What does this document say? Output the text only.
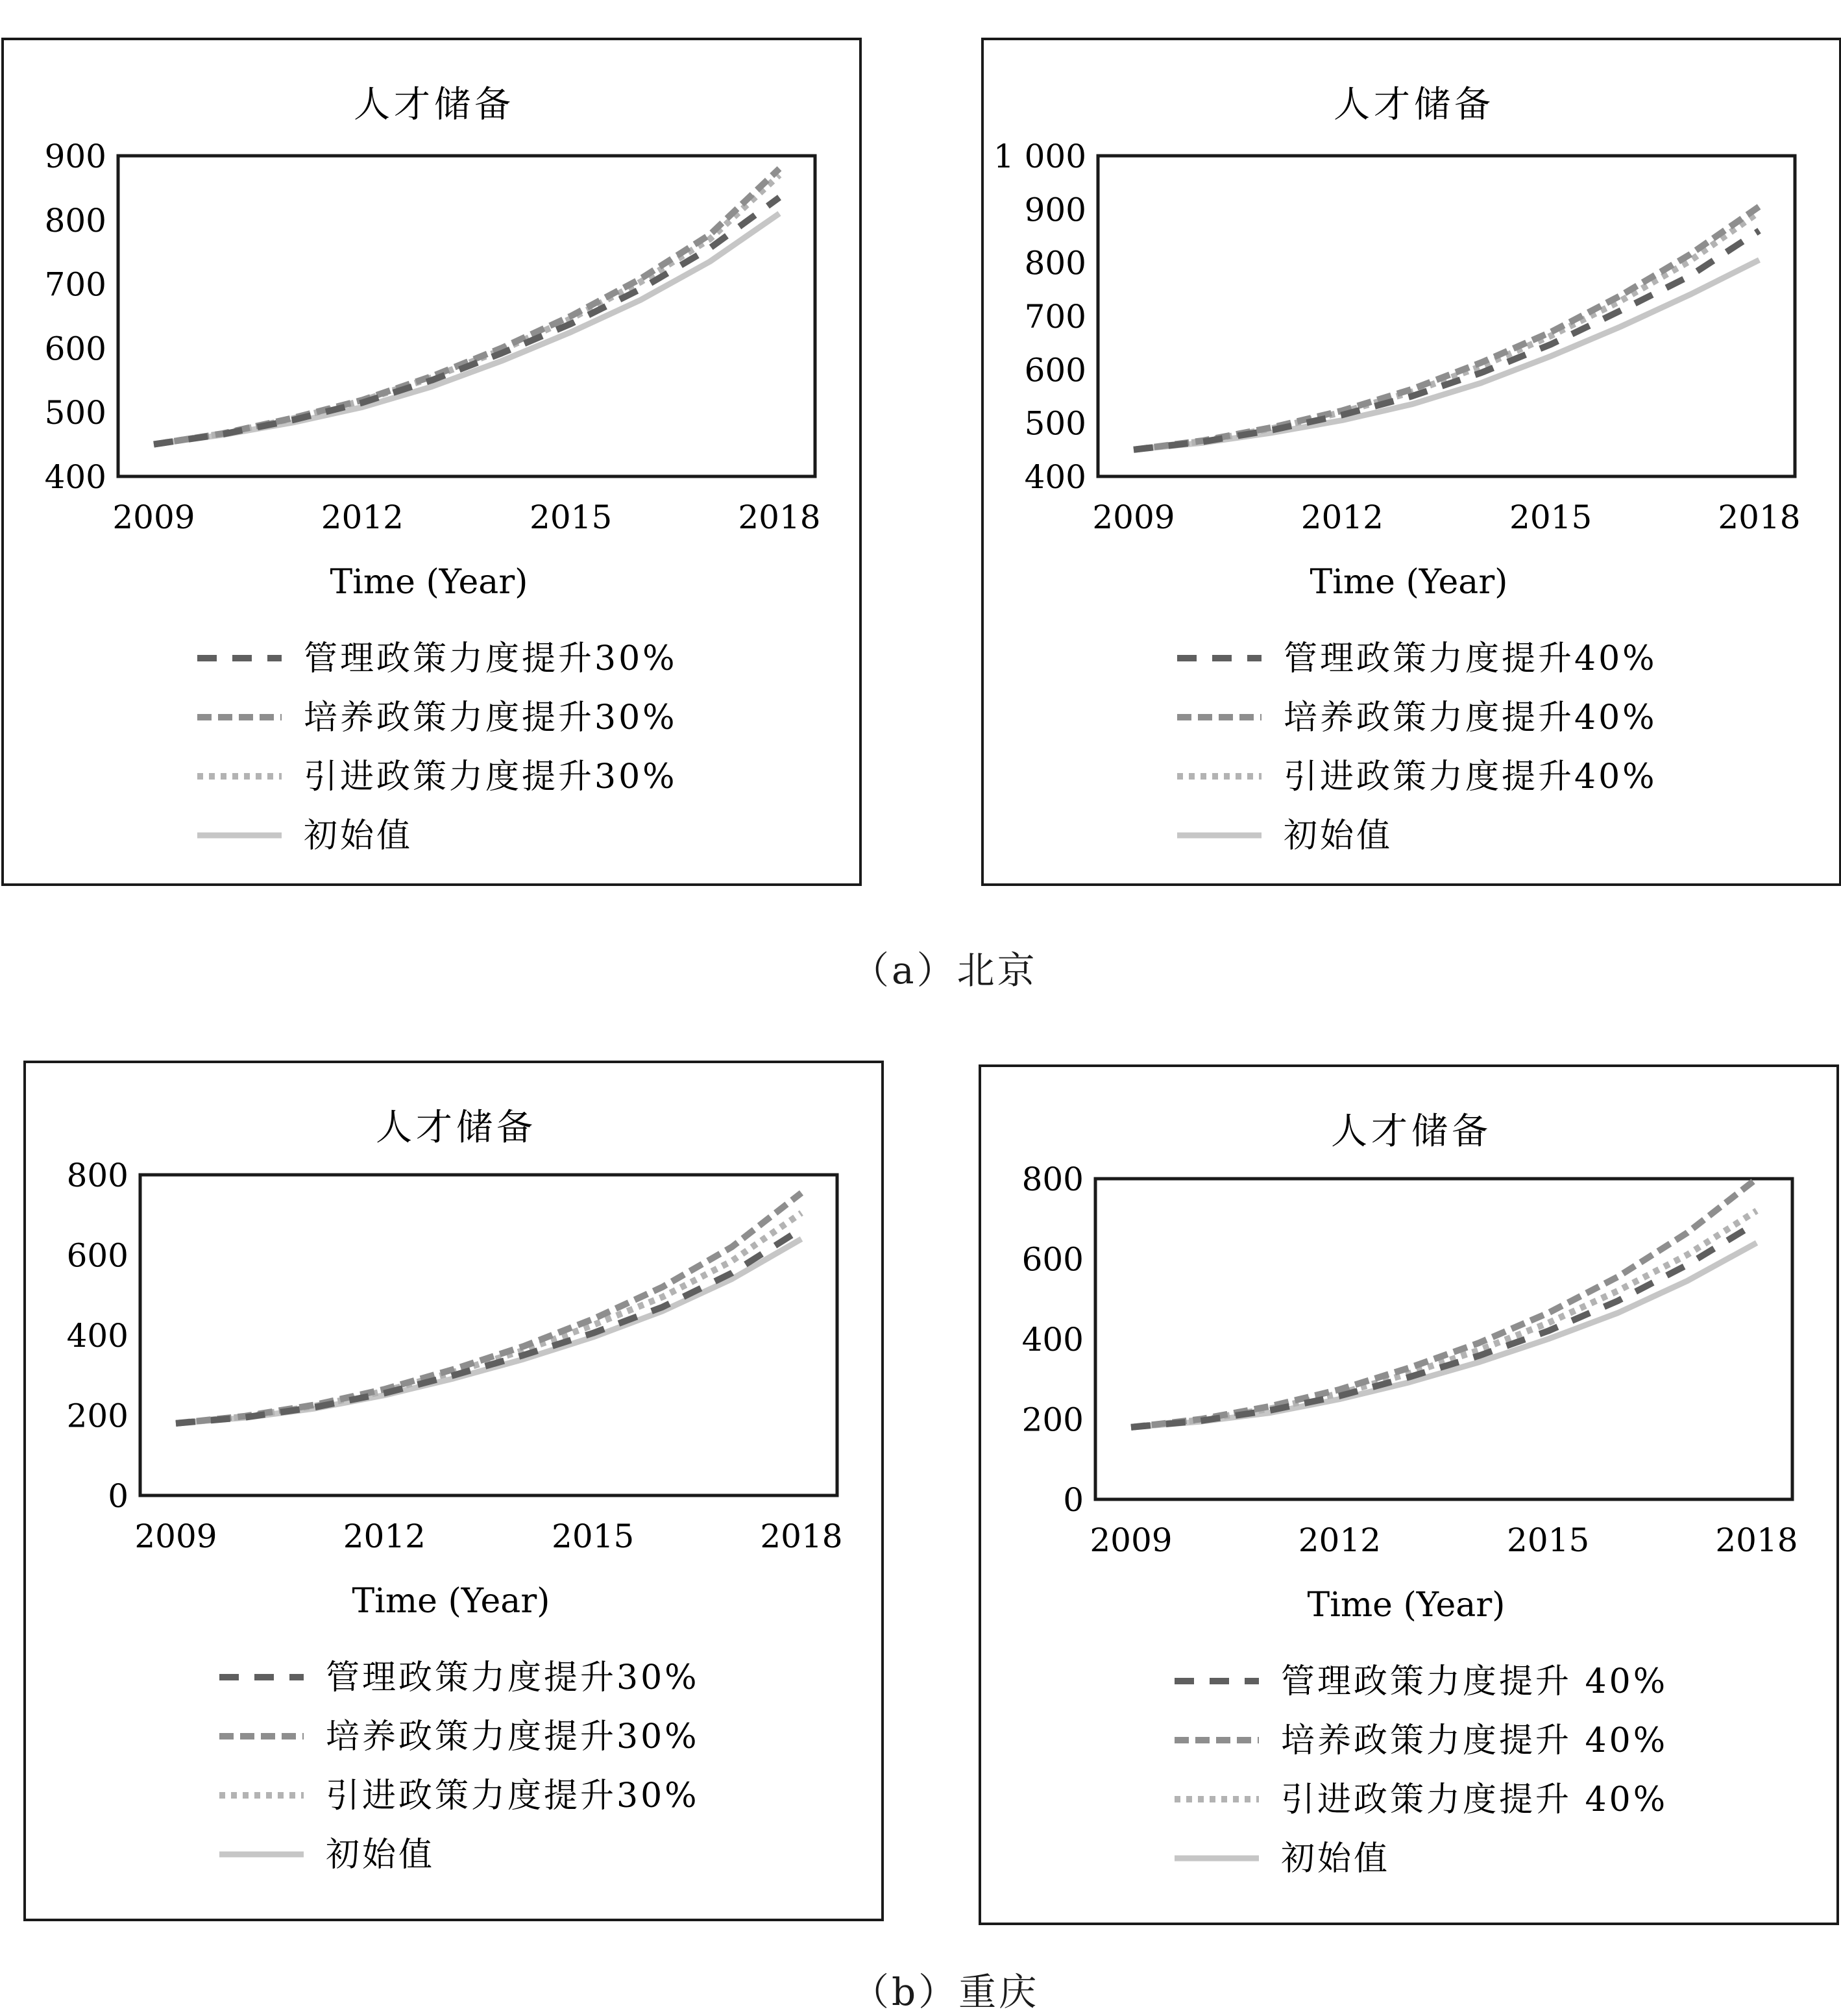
人才储备
400
500
600
700
800
900
2009	2012	2015	2018
Time (Year)
管理政策力度提升30%
培养政策力度提升30%
引进政策力度提升30%
初始值
人才储备
400
500
600
700
800
900
1 000
2009	2012	2015	2018
Time (Year)
管理政策力度提升40%
培养政策力度提升40%
引进政策力度提升40%
初始值
（a）北京
人才储备
0
200
400
600
800
2009	2012	2015	2018
Time (Year)
管理政策力度提升30%
培养政策力度提升30%
引进政策力度提升30%
初始值
人才储备
0
200
400
600
800
2009	2012	2015	2018
Time (Year)
管理政策力度提升 40%
培养政策力度提升 40%
引进政策力度提升 40%
初始值
（b）重庆
